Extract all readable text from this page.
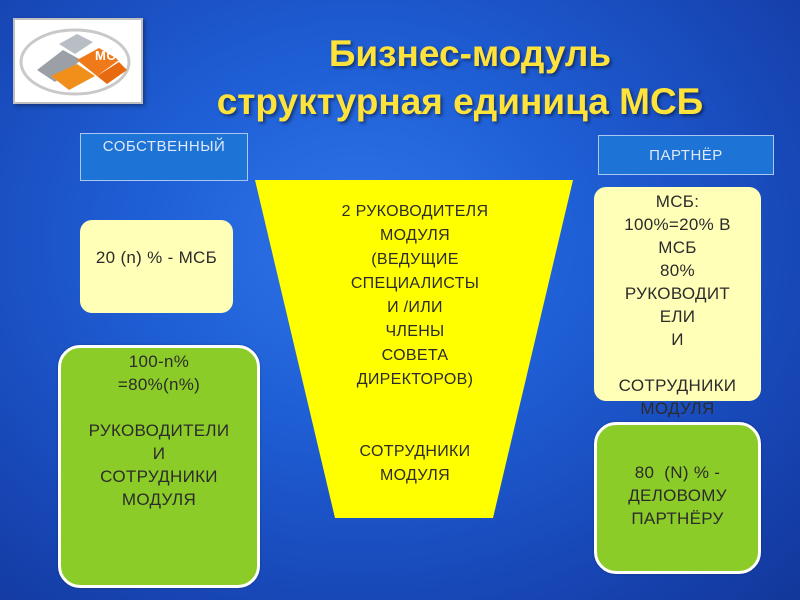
МСБ	Бизнес-модуль
структурная единица МСБ
СОБСТВЕННЫЙ
ПАРТНЁР
20 (n) % - МСБ
100-n%
=80%(n%)
РУКОВОДИТЕЛИ
И
СОТРУДНИКИ
МОДУЛЯ
2 РУКОВОДИТЕЛЯ
МОДУЛЯ
(ВЕДУЩИЕ
СПЕЦИАЛИСТЫ
И /ИЛИ
ЧЛЕНЫ
СОВЕТА
ДИРЕКТОРОВ)
СОТРУДНИКИ
МОДУЛЯ
МСБ:
100%=20% В
МСБ
80%
РУКОВОДИТ
ЕЛИ
И
СОТРУДНИКИ
МОДУЛЯ
80  (N) % -
ДЕЛОВОМУ
ПАРТНЁРУ
